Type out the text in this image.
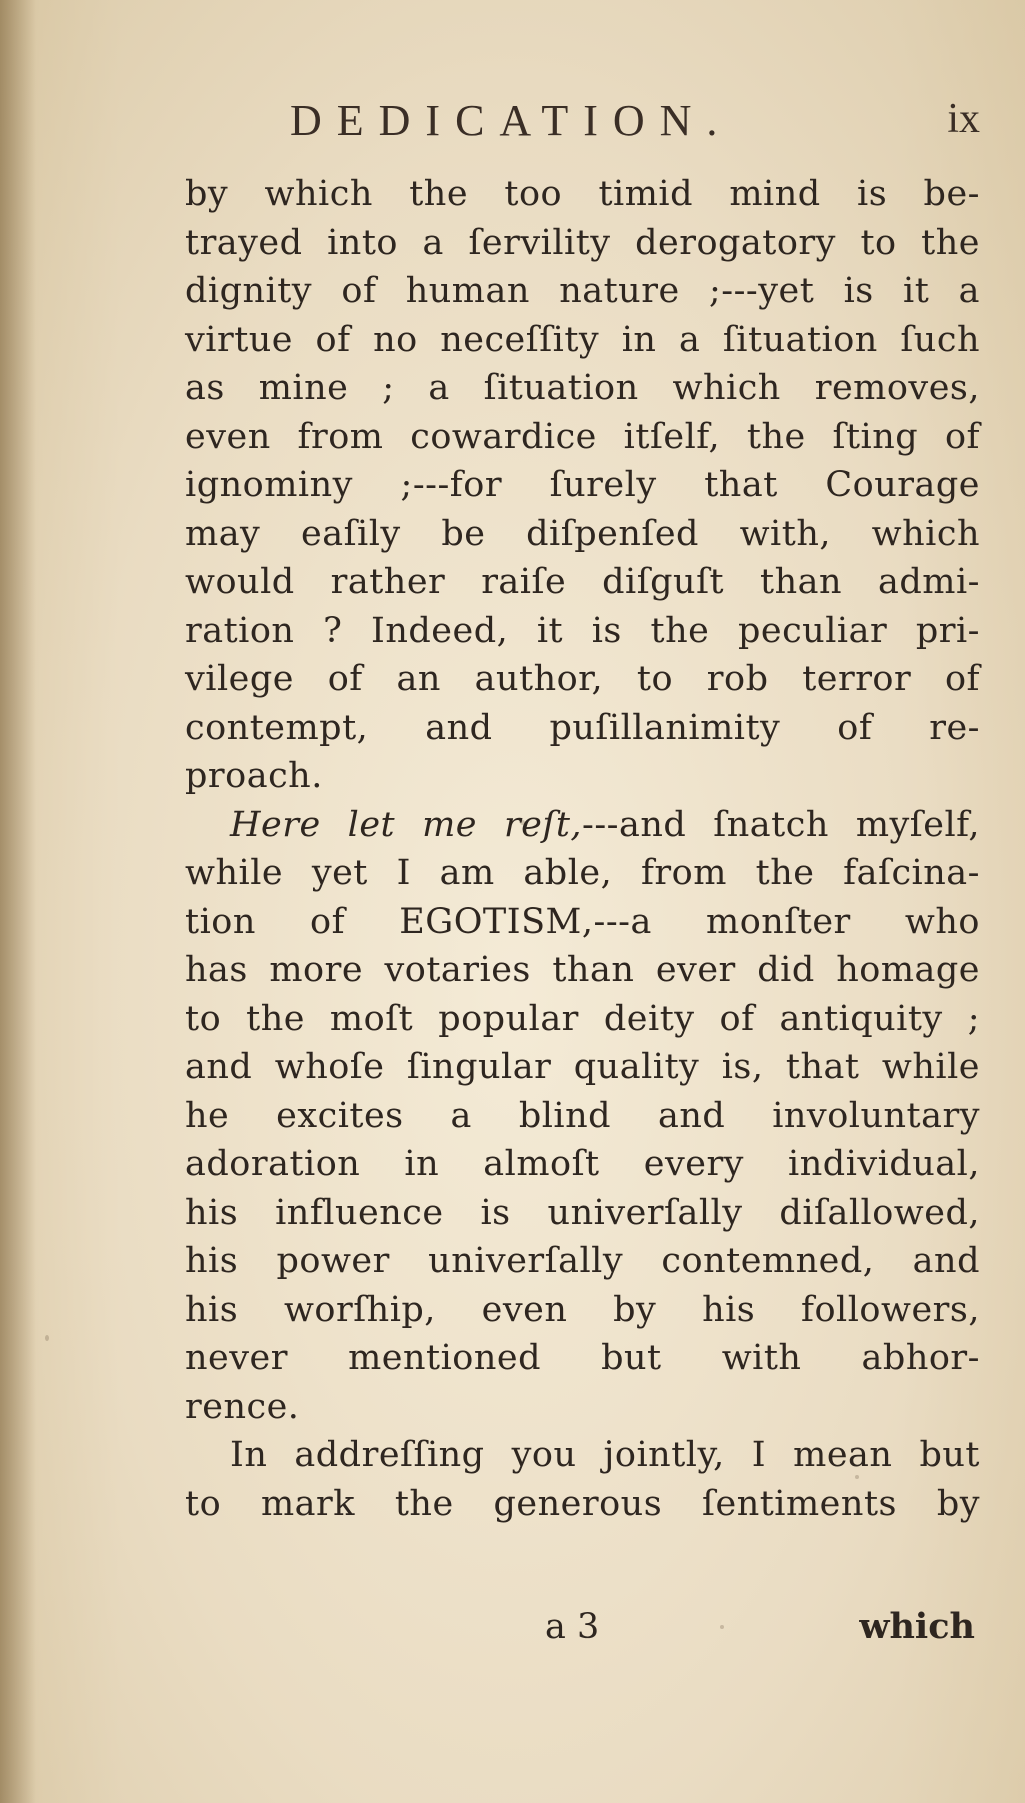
DEDICATION.	ix
by which the too timid mind is be-
trayed into a ſervility derogatory to the
dignity of human nature ;---yet is it a
virtue of no neceſſity in a ſituation ſuch
as mine ; a ſituation which removes,
even from cowardice itſelf, the ſting of
ignominy ;---for ſurely that Courage
may eaſily be diſpenſed with, which
would rather raiſe diſguſt than admi-
ration ? Indeed, it is the peculiar pri-
vilege of an author, to rob terror of
contempt, and puſillanimity of re-
proach.
Here let me reſt,---and ſnatch myſelf,
while yet I am able, from the faſcina-
tion of EGOTISM,---a monſter who
has more votaries than ever did homage
to the moſt popular deity of antiquity ;
and whoſe ſingular quality is, that while
he excites a blind and involuntary
adoration in almoſt every individual,
his influence is univerſally diſallowed,
his power univerſally contemned, and
his worſhip, even by his followers,
never mentioned but with abhor-
rence.
In addreſſing you jointly, I mean but
to mark the generous ſentiments by
a 3	which
